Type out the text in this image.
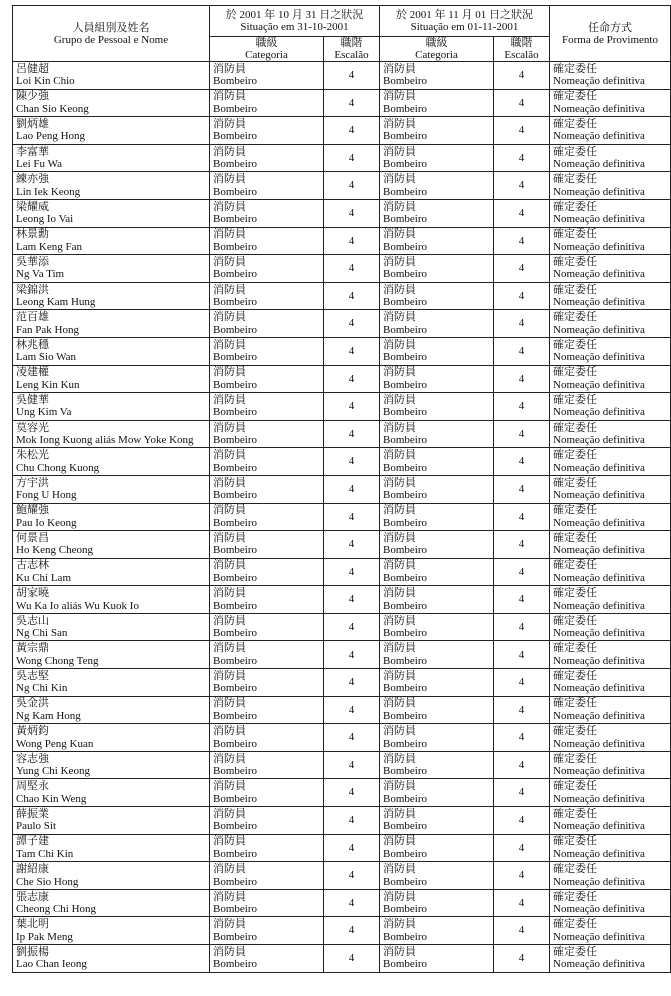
人員組別及姓名
Grupo de Pessoal e Nome	於 2001 年 10 月 31 日之狀況
Situação em 31-10-2001		於 2001 年 11 月 01 日之狀況
Situação em 01-11-2001		任命方式
Forma de Provimento

	職級
Categoria	職階
Escalão	職級
Categoria	職階
Escalão	

呂健超
Loi Kin Chio	消防員
Bombeiro	4	消防員
Bombeiro	4	確定委任
Nomeação definitiva

陳少強
Chan Sio Keong	消防員
Bombeiro	4	消防員
Bombeiro	4	確定委任
Nomeação definitiva

劉炳雄
Lao Peng Hong	消防員
Bombeiro	4	消防員
Bombeiro	4	確定委任
Nomeação definitiva

李富華
Lei Fu Wa	消防員
Bombeiro	4	消防員
Bombeiro	4	確定委任
Nomeação definitiva

練亦強
Lin Iek Keong	消防員
Bombeiro	4	消防員
Bombeiro	4	確定委任
Nomeação definitiva

梁耀威
Leong Io Vai	消防員
Bombeiro	4	消防員
Bombeiro	4	確定委任
Nomeação definitiva

林景勳
Lam Keng Fan	消防員
Bombeiro	4	消防員
Bombeiro	4	確定委任
Nomeação definitiva

吳華添
Ng Va Tim	消防員
Bombeiro	4	消防員
Bombeiro	4	確定委任
Nomeação definitiva

梁錦洪
Leong Kam Hung	消防員
Bombeiro	4	消防員
Bombeiro	4	確定委任
Nomeação definitiva

范百雄
Fan Pak Hong	消防員
Bombeiro	4	消防員
Bombeiro	4	確定委任
Nomeação definitiva

林兆穩
Lam Sio Wan	消防員
Bombeiro	4	消防員
Bombeiro	4	確定委任
Nomeação definitiva

凌建權
Leng Kin Kun	消防員
Bombeiro	4	消防員
Bombeiro	4	確定委任
Nomeação definitiva

吳健華
Ung Kim Va	消防員
Bombeiro	4	消防員
Bombeiro	4	確定委任
Nomeação definitiva

莫容光
Mok Iong Kuong aliás Mow Yoke Kong	消防員
Bombeiro	4	消防員
Bombeiro	4	確定委任
Nomeação definitiva

朱松光
Chu Chong Kuong	消防員
Bombeiro	4	消防員
Bombeiro	4	確定委任
Nomeação definitiva

方宇洪
Fong U Hong	消防員
Bombeiro	4	消防員
Bombeiro	4	確定委任
Nomeação definitiva

鮑耀強
Pau Io Keong	消防員
Bombeiro	4	消防員
Bombeiro	4	確定委任
Nomeação definitiva

何景昌
Ho Keng Cheong	消防員
Bombeiro	4	消防員
Bombeiro	4	確定委任
Nomeação definitiva

古志林
Ku Chi Lam	消防員
Bombeiro	4	消防員
Bombeiro	4	確定委任
Nomeação definitiva

胡家曉
Wu Ka Io aliás Wu Kuok Io	消防員
Bombeiro	4	消防員
Bombeiro	4	確定委任
Nomeação definitiva

吳志山
Ng Chi San	消防員
Bombeiro	4	消防員
Bombeiro	4	確定委任
Nomeação definitiva

黃宗鼎
Wong Chong Teng	消防員
Bombeiro	4	消防員
Bombeiro	4	確定委任
Nomeação definitiva

吳志堅
Ng Chi Kin	消防員
Bombeiro	4	消防員
Bombeiro	4	確定委任
Nomeação definitiva

吳金洪
Ng Kam Hong	消防員
Bombeiro	4	消防員
Bombeiro	4	確定委任
Nomeação definitiva

黃炳鈞
Wong Peng Kuan	消防員
Bombeiro	4	消防員
Bombeiro	4	確定委任
Nomeação definitiva

容志強
Yung Chi Keong	消防員
Bombeiro	4	消防員
Bombeiro	4	確定委任
Nomeação definitiva

周堅永
Chao Kin Weng	消防員
Bombeiro	4	消防員
Bombeiro	4	確定委任
Nomeação definitiva

薛振業
Paulo Sit	消防員
Bombeiro	4	消防員
Bombeiro	4	確定委任
Nomeação definitiva

譚子建
Tam Chi Kin	消防員
Bombeiro	4	消防員
Bombeiro	4	確定委任
Nomeação definitiva

謝紹康
Che Sio Hong	消防員
Bombeiro	4	消防員
Bombeiro	4	確定委任
Nomeação definitiva

張志康
Cheong Chi Hong	消防員
Bombeiro	4	消防員
Bombeiro	4	確定委任
Nomeação definitiva

葉北明
Ip Pak Meng	消防員
Bombeiro	4	消防員
Bombeiro	4	確定委任
Nomeação definitiva

劉振楊
Lao Chan Ieong	消防員
Bombeiro	4	消防員
Bombeiro	4	確定委任
Nomeação definitiva
